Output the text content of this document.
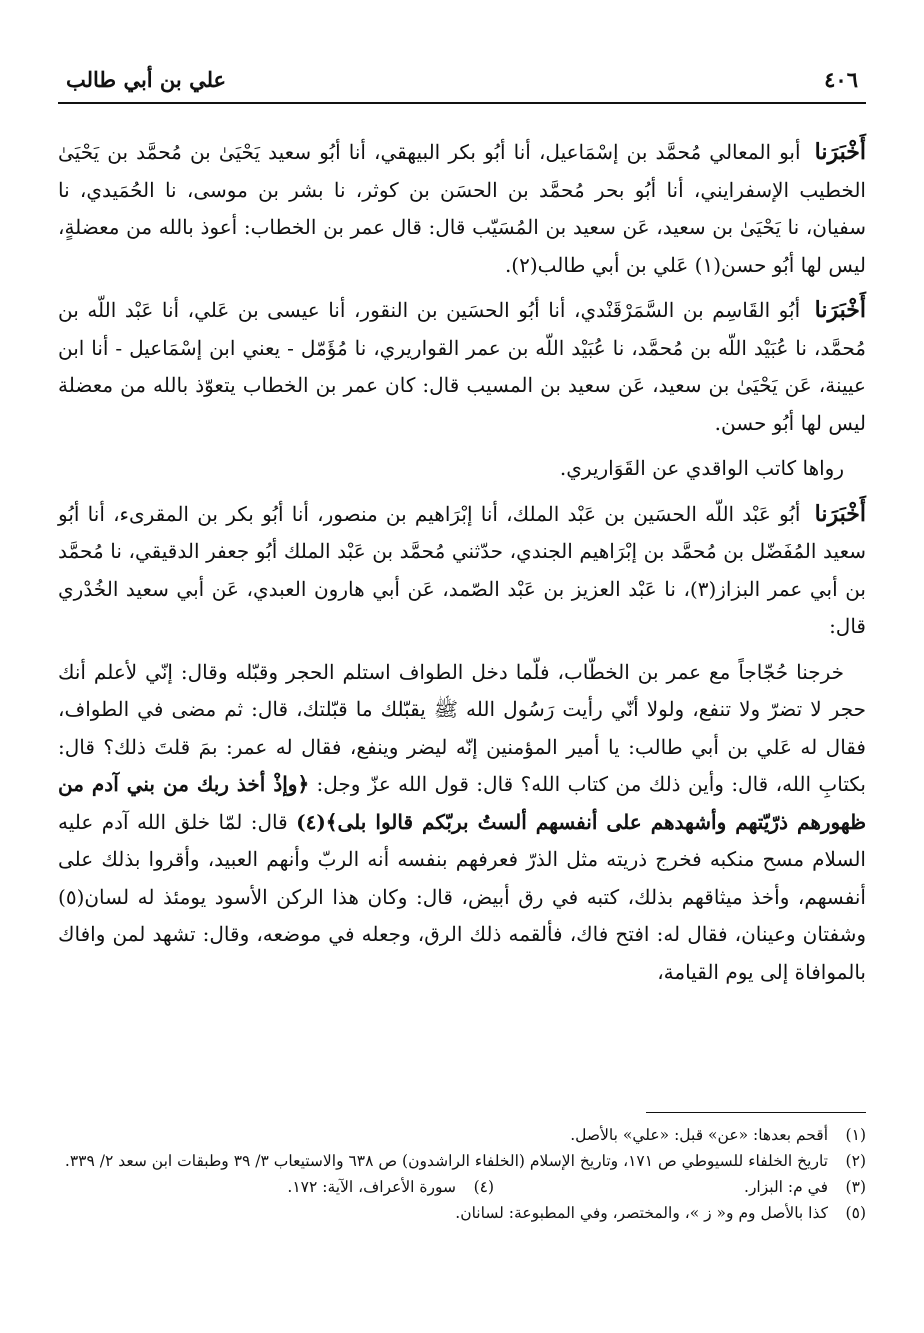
٤٠٦
علي بن أبي طالب

أَخْبَرَنا أبو المعالي مُحمَّد بن إسْمَاعيل، أنا أبُو بكر البيهقي، أنا أبُو سعيد يَحْيَىٰ بن مُحمَّد بن يَحْيَىٰ الخطيب الإسفرايني، أنا أبُو بحر مُحمَّد بن الحسَن بن كوثر، نا بشر بن موسى، نا الحُمَيدي، نا سفيان، نا يَحْيَىٰ بن سعيد، عَن سعيد بن المُسَيّب قال: قال عمر بن الخطاب: أعوذ بالله من معضلةٍ، ليس لها أبُو حسن(١) عَلي بن أبي طالب(٢).

أَخْبَرَنا أبُو القَاسِم بن السَّمَرْقَنْدي، أنا أبُو الحسَين بن النقور، أنا عيسى بن عَلي، أنا عَبْد اللّه بن مُحمَّد، نا عُبَيْد اللّه بن مُحمَّد، نا عُبَيْد اللّه بن عمر القواريري، نا مُؤَمّل - يعني ابن إسْمَاعيل - أنا ابن عيينة، عَن يَحْيَىٰ بن سعيد، عَن سعيد بن المسيب قال: كان عمر بن الخطاب يتعوّذ بالله من معضلة ليس لها أبُو حسن.

رواها كاتب الواقدي عن القَوَاريري.

أَخْبَرَنا أبُو عَبْد اللّه الحسَين بن عَبْد الملك، أنا إبْرَاهيم بن منصور، أنا أبُو بكر بن المقرىء، أنا أبُو سعيد المُفَضّل بن مُحمَّد بن إبْرَاهيم الجندي، حدّثني مُحمَّد بن عَبْد الملك أبُو جعفر الدقيقي، نا مُحمَّد بن أبي عمر البزاز(٣)، نا عَبْد العزيز بن عَبْد الصّمد، عَن أبي هارون العبدي، عَن أبي سعيد الخُدْري قال:

خرجنا حُجّاجاً مع عمر بن الخطّاب، فلّما دخل الطواف استلم الحجر وقبّله وقال: إنّي لأعلم أنك حجر لا تضرّ ولا تنفع، ولولا أنّي رأيت رَسُول الله ﷺ يقبّلك ما قبّلتك، قال: ثم مضى في الطواف، فقال له عَلي بن أبي طالب: يا أمير المؤمنين إنّه ليضر وينفع، فقال له عمر: بمَ قلتَ ذلك؟ قال: بكتابِ الله، قال: وأين ذلك من كتاب الله؟ قال: قول الله عزّ وجل: ﴿وإذْ أخذ ربك من بني آدم من ظهورهم ذرّيّتهم وأشهدهم على أنفسهم ألستُ بربّكم قالوا بلى﴾(٤) قال: لمّا خلق الله آدم عليه السلام مسح منكبه فخرج ذريته مثل الذرّ فعرفهم بنفسه أنه الربّ وأنهم العبيد، وأقروا بذلك على أنفسهم، وأخذ ميثاقهم بذلك، كتبه في رق أبيض، قال: وكان هذا الركن الأسود يومئذ له لسان(٥) وشفتان وعينان، فقال له: افتح فاك، فألقمه ذلك الرق، وجعله في موضعه، وقال: تشهد لمن وافاك بالموافاة إلى يوم القيامة،

(١)
أقحم بعدها: «عن» قبل: «علي» بالأصل.
(٢)
تاريخ الخلفاء للسيوطي ص ١٧١، وتاريخ الإسلام (الخلفاء الراشدون) ص ٦٣٨ والاستيعاب ٣/ ٣٩ وطبقات ابن سعد ٢/ ٣٣٩.
(٣)
في م: البزار.
(٤)
سورة الأعراف، الآية: ١٧٢.
(٥)
كذا بالأصل وم و« ز »، والمختصر، وفي المطبوعة: لسانان.
